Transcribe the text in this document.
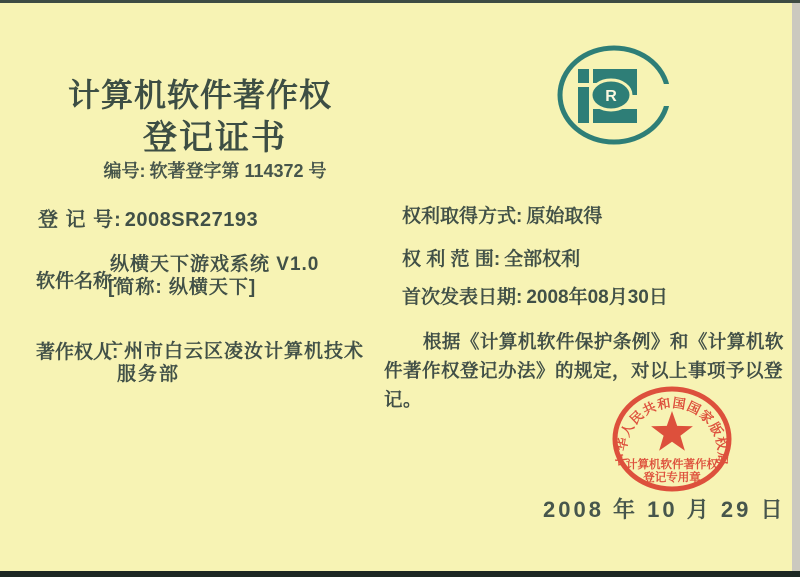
计算机软件著作权
登记证书
编号: 软著登字第 114372 号
登 记 号: 2008SR27193
软件名称:
纵横天下游戏系统 V1.0
[简称: 纵横天下]
著作权人:
广州市白云区凌汝计算机技术
服务部
权利取得方式: 原始取得
权 利 范 围: 全部权利
首次发表日期: 2008年08月30日

根据《计算机软件保护条例》和《计算机软件著作权登记办法》的规定，对以上事项予以登记。

2008 年 10 月 29 日
R
中华人民共和国国家版权局
计算机软件著作权
登记专用章
